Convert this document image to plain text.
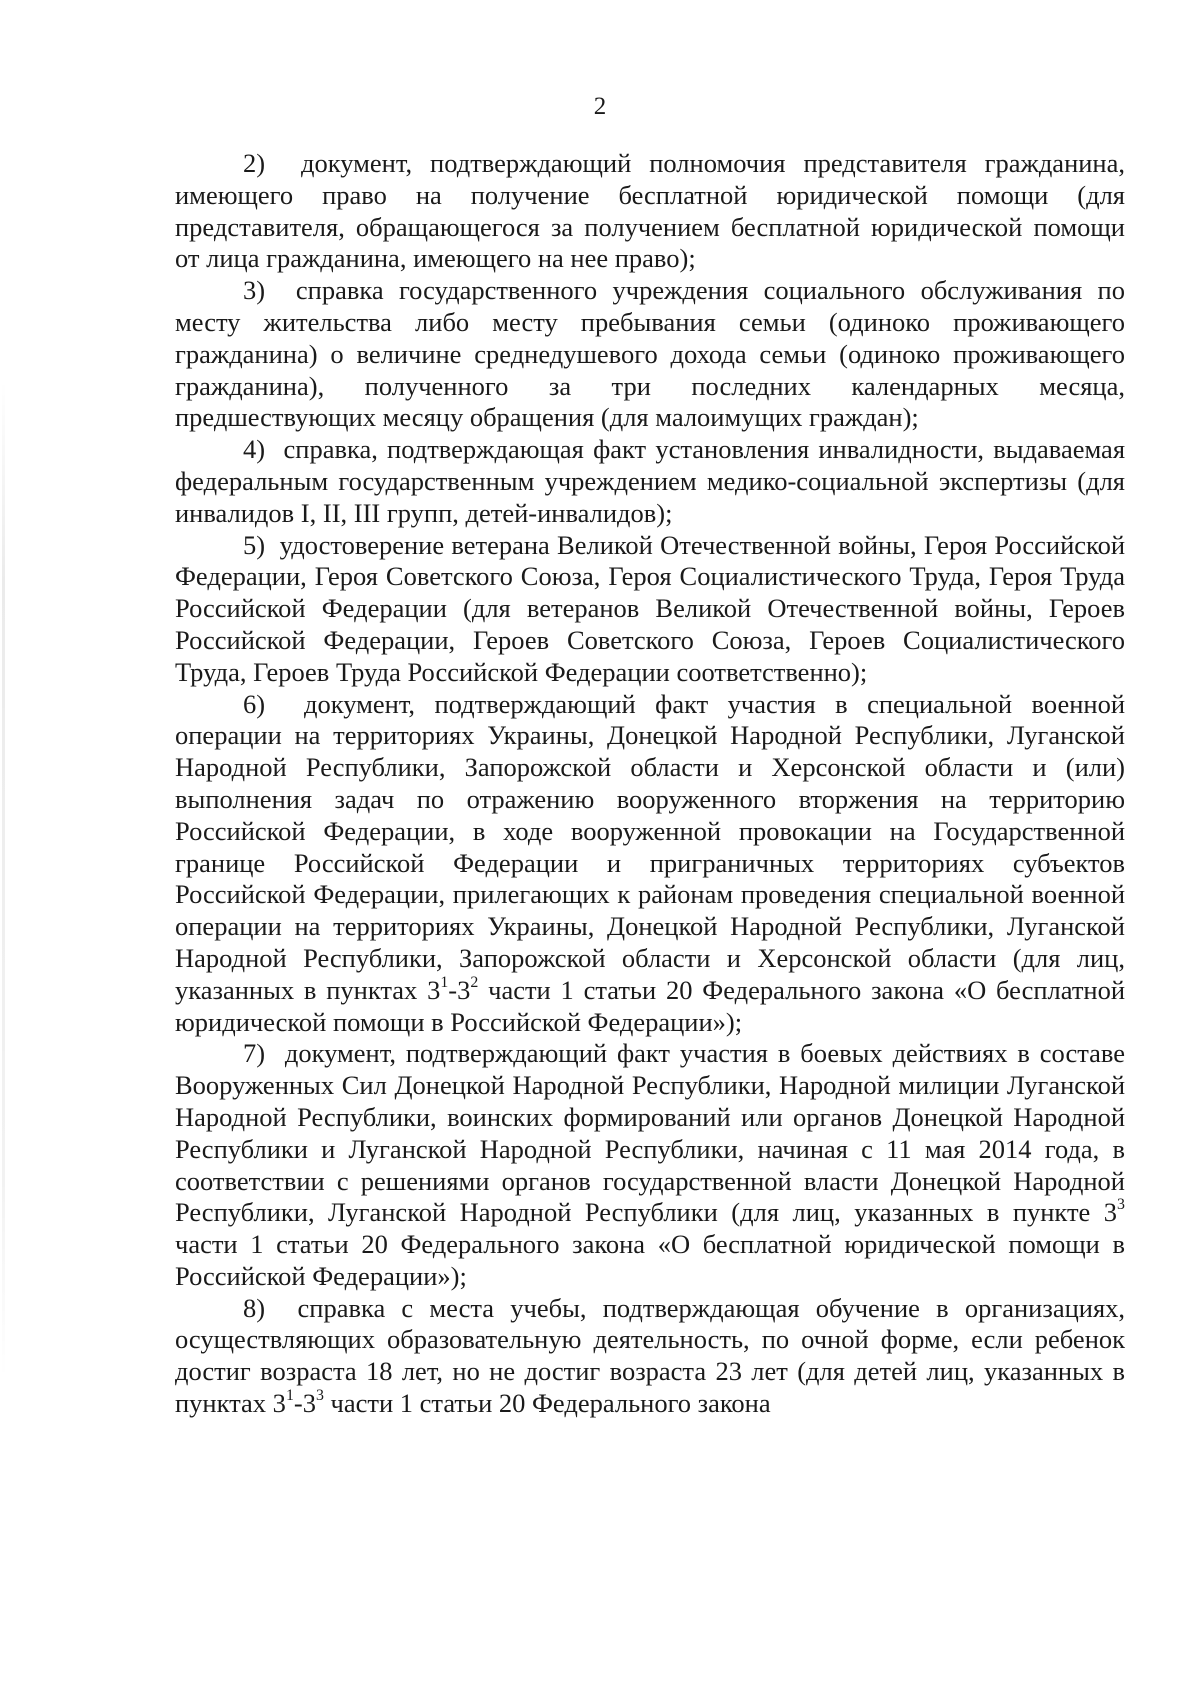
2

2) документ, подтверждающий полномочия представителя гражданина, имеющего право на получение бесплатной юридической помощи (для представителя, обращающегося за получением бесплатной юридической помощи от лица гражданина, имеющего на нее право);

3) справка государственного учреждения социального обслуживания по месту жительства либо месту пребывания семьи (одиноко проживающего гражданина) о величине среднедушевого дохода семьи (одиноко проживающего гражданина), полученного за три последних календарных месяца, предшествующих месяцу обращения (для малоимущих граждан);

4) справка, подтверждающая факт установления инвалидности, выдаваемая федеральным государственным учреждением медико-социальной экспертизы (для инвалидов I, II, III групп, детей-инвалидов);

5) удостоверение ветерана Великой Отечественной войны, Героя Российской Федерации, Героя Советского Союза, Героя Социалистического Труда, Героя Труда Российской Федерации (для ветеранов Великой Отечественной войны, Героев Российской Федерации, Героев Советского Союза, Героев Социалистического Труда, Героев Труда Российской Федерации соответственно);

6) документ, подтверждающий факт участия в специальной военной операции на территориях Украины, Донецкой Народной Республики, Луганской Народной Республики, Запорожской области и Херсонской области и (или) выполнения задач по отражению вооруженного вторжения на территорию Российской Федерации, в ходе вооруженной провокации на Государственной границе Российской Федерации и приграничных территориях субъектов Российской Федерации, прилегающих к районам проведения специальной военной операции на территориях Украины, Донецкой Народной Республики, Луганской Народной Республики, Запорожской области и Херсонской области (для лиц, указанных в пунктах $3^1-3^2$ части 1 статьи 20 Федерального закона «О бесплатной юридической помощи в Российской Федерации»);

7) документ, подтверждающий факт участия в боевых действиях в составе Вооруженных Сил Донецкой Народной Республики, Народной милиции Луганской Народной Республики, воинских формирований или органов Донецкой Народной Республики и Луганской Народной Республики, начиная с 11 мая 2014 года, в соответствии с решениями органов государственной власти Донецкой Народной Республики, Луганской Народной Республики (для лиц, указанных в пункте $3^3$ части 1 статьи 20 Федерального закона «О бесплатной юридической помощи в Российской Федерации»);

8) справка с места учебы, подтверждающая обучение в организациях, осуществляющих образовательную деятельность, по очной форме, если ребенок достиг возраста 18 лет, но не достиг возраста 23 лет (для детей лиц, указанных в пунктах $3^1-3^3$ части 1 статьи 20 Федерального закона
